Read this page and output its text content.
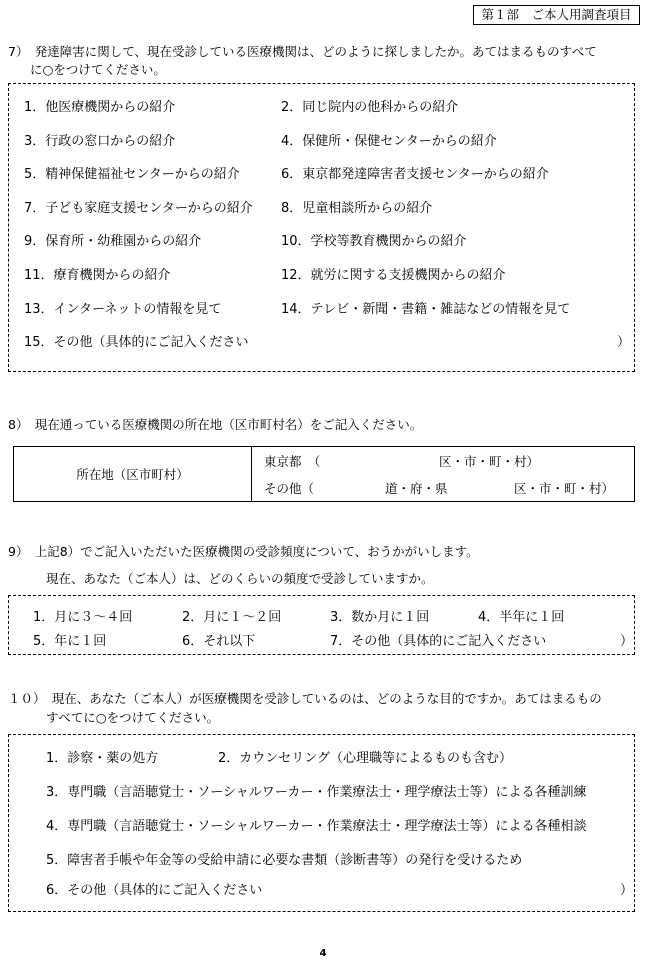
第１部　ご本人用調査項目
7）　発達障害に関して、現在受診している医療機関は、どのように探しましたか。あてはまるものすべて
に○をつけてください。
1．他医療機関からの紹介	2．同じ院内の他科からの紹介
3．行政の窓口からの紹介	4．保健所・保健センターからの紹介
5．精神保健福祉センターからの紹介	6．東京都発達障害者支援センターからの紹介
7．子ども家庭支援センターからの紹介 8．児童相談所からの紹介
9．保育所・幼稚園からの紹介	10．学校等教育機関からの紹介
11．療育機関からの紹介	12．就労に関する支援機関からの紹介
13．インターネットの情報を見て	14．テレビ・新聞・書籍・雑誌などの情報を見て
15．その他（具体的にご記入ください	）
8）　現在通っている医療機関の所在地（区市町村名）をご記入ください。
所在地（区市町村）	
東京都　（	区・市・町・村）

その他（	道・府・県	区・市・町・村）
9）　上記8）でご記入いただいた医療機関の受診頻度について、おうかがいします。
現在、あなた（ご本人）は、どのくらいの頻度で受診していますか。
1．月に３～４回	2．月に１～２回	3．数か月に１回	4．半年に１回
5．年に１回	6．それ以下	7．その他（具体的にご記入ください	）
１０）　現在、あなた（ご本人）が医療機関を受診しているのは、どのような目的ですか。あてはまるもの
すべてに○をつけてください。
1．診察・薬の処方	2．カウンセリング（心理職等によるものも含む）
3．専門職（言語聴覚士・ソーシャルワーカー・作業療法士・理学療法士等）による各種訓練
4．専門職（言語聴覚士・ソーシャルワーカー・作業療法士・理学療法士等）による各種相談
5．障害者手帳や年金等の受給申請に必要な書類（診断書等）の発行を受けるため
6．その他（具体的にご記入ください	）
4
